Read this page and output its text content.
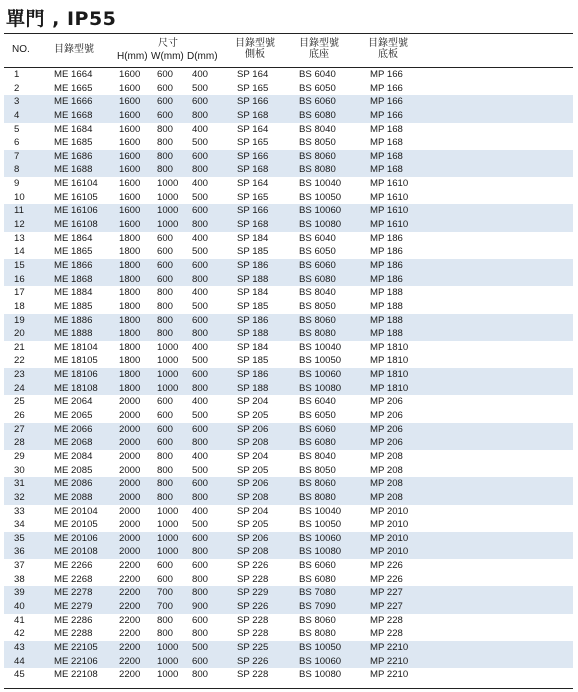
單門 , IP55
NO. 目錄型號
尺寸
H(mm) W(mm) D(mm)
目錄型號
側板
目錄型號
底座
目錄型號
底板
1	ME 1664	1600 600 400	SP 164	BS 6040	MP 166
2	ME 1665	1600 600 500	SP 165	BS 6050	MP 166
3	ME 1666	1600 600 600	SP 166	BS 6060	MP 166
4	ME 1668	1600 600 800	SP 168	BS 6080	MP 166
5	ME 1684	1600 800 400	SP 164	BS 8040	MP 168
6	ME 1685	1600 800 500	SP 165	BS 8050	MP 168
7	ME 1686	1600 800 600	SP 166	BS 8060	MP 168
8	ME 1688	1600 800 800	SP 168	BS 8080	MP 168
9	ME 16104 1600 1000 400	SP 164	BS 10040	MP 1610
10	ME 16105 1600 1000 500	SP 165	BS 10050	MP 1610
11	ME 16106 1600 1000 600	SP 166	BS 10060	MP 1610
12	ME 16108 1600 1000 800	SP 168	BS 10080	MP 1610
13	ME 1864	1800 600 400	SP 184	BS 6040	MP 186
14	ME 1865	1800 600 500	SP 185	BS 6050	MP 186
15	ME 1866	1800 600 600	SP 186	BS 6060	MP 186
16	ME 1868	1800 600 800	SP 188	BS 6080	MP 186
17	ME 1884	1800 800 400	SP 184	BS 8040	MP 188
18	ME 1885	1800 800 500	SP 185	BS 8050	MP 188
19	ME 1886	1800 800 600	SP 186	BS 8060	MP 188
20	ME 1888	1800 800 800	SP 188	BS 8080	MP 188
21	ME 18104 1800 1000 400	SP 184	BS 10040	MP 1810
22	ME 18105 1800 1000 500	SP 185	BS 10050	MP 1810
23	ME 18106 1800 1000 600	SP 186	BS 10060	MP 1810
24	ME 18108 1800 1000 800	SP 188	BS 10080	MP 1810
25	ME 2064	2000 600 400	SP 204	BS 6040	MP 206
26	ME 2065	2000 600 500	SP 205	BS 6050	MP 206
27	ME 2066	2000 600 600	SP 206	BS 6060	MP 206
28	ME 2068	2000 600 800	SP 208	BS 6080	MP 206
29	ME 2084	2000 800 400	SP 204	BS 8040	MP 208
30	ME 2085	2000 800 500	SP 205	BS 8050	MP 208
31	ME 2086	2000 800 600	SP 206	BS 8060	MP 208
32	ME 2088	2000 800 800	SP 208	BS 8080	MP 208
33	ME 20104 2000 1000 400	SP 204	BS 10040	MP 2010
34	ME 20105 2000 1000 500	SP 205	BS 10050	MP 2010
35	ME 20106 2000 1000 600	SP 206	BS 10060	MP 2010
36	ME 20108 2000 1000 800	SP 208	BS 10080	MP 2010
37	ME 2266	2200 600 600	SP 226	BS 6060	MP 226
38	ME 2268	2200 600 800	SP 228	BS 6080	MP 226
39	ME 2278	2200 700 800	SP 229	BS 7080	MP 227
40	ME 2279	2200 700 900	SP 226	BS 7090	MP 227
41	ME 2286	2200 800 600	SP 228	BS 8060	MP 228
42	ME 2288	2200 800 800	SP 228	BS 8080	MP 228
43	ME 22105 2200 1000 500	SP 225	BS 10050	MP 2210
44	ME 22106 2200 1000 600	SP 226	BS 10060	MP 2210
45	ME 22108 2200 1000 800	SP 228	BS 10080	MP 2210
